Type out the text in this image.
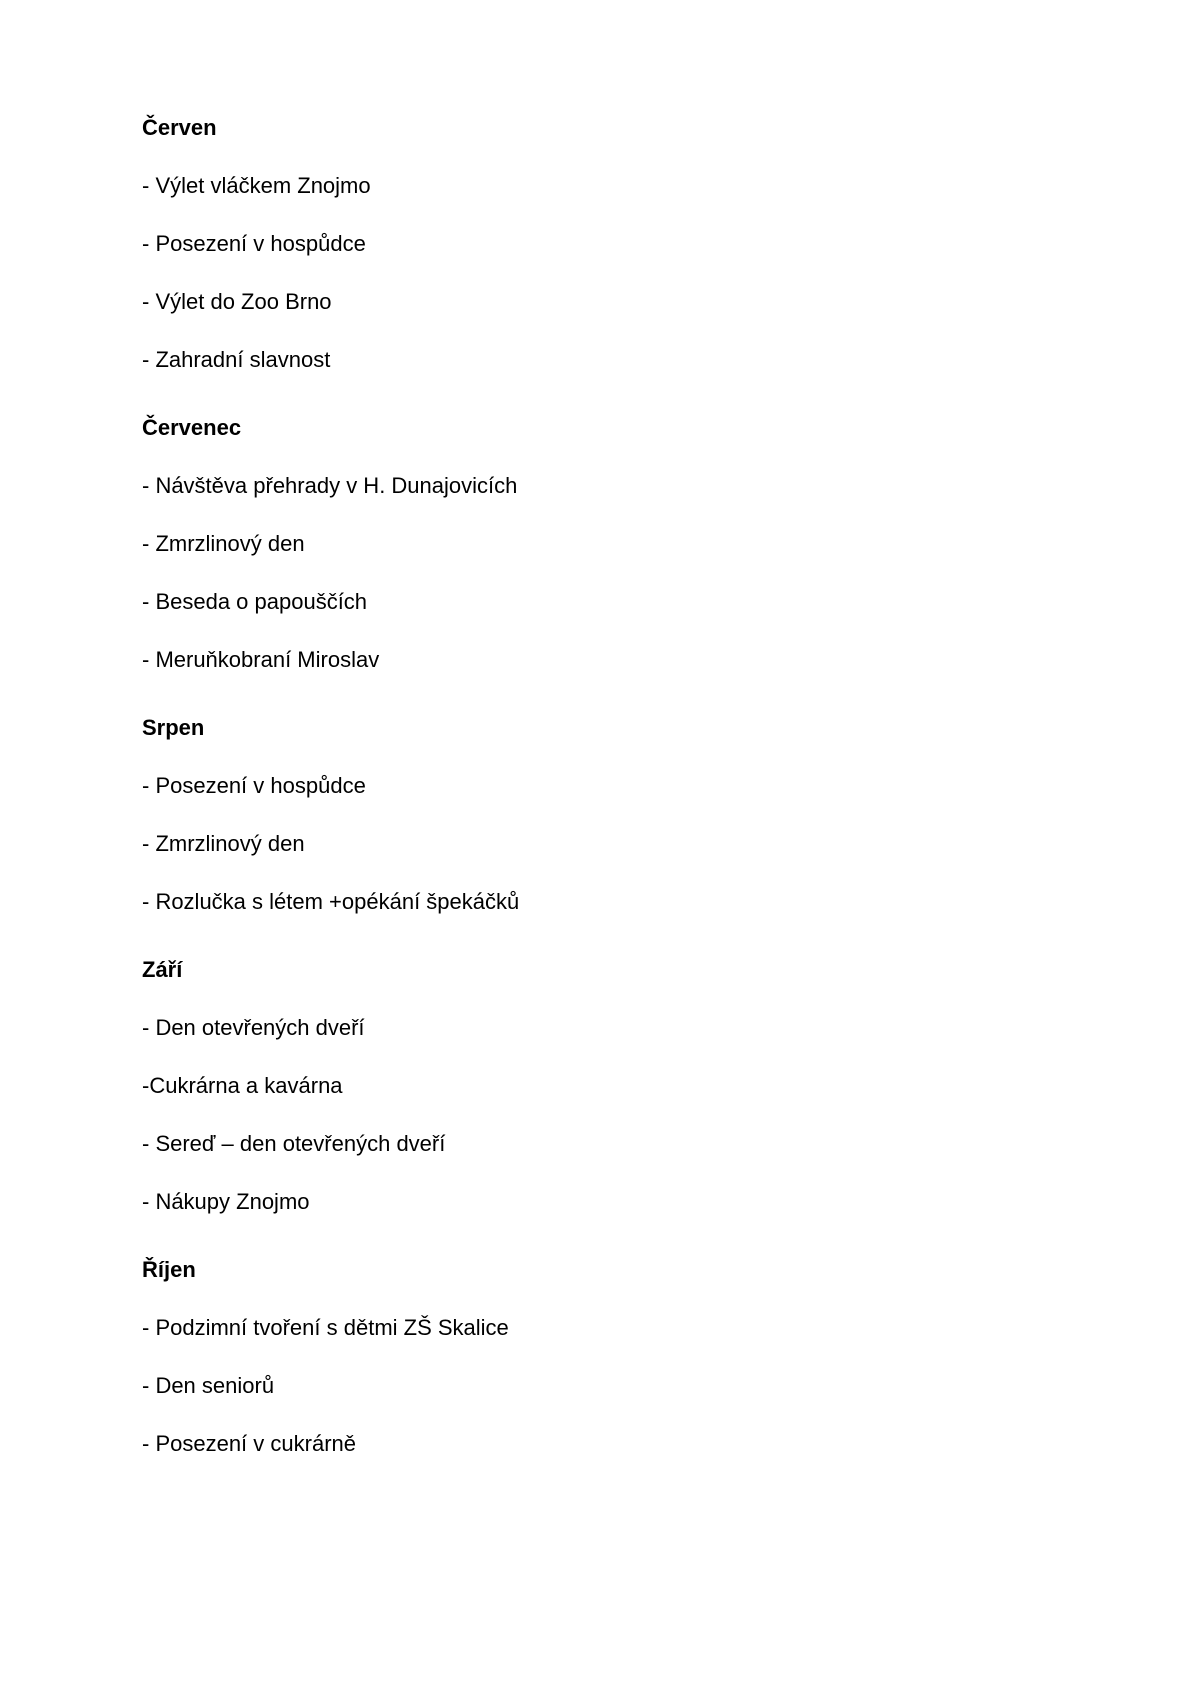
Červen
- Výlet vláčkem Znojmo
- Posezení v hospůdce
- Výlet do Zoo Brno
- Zahradní slavnost
Červenec
- Návštěva přehrady v H. Dunajovicích
- Zmrzlinový den
- Beseda o papouščích
- Meruňkobraní Miroslav
Srpen
- Posezení v hospůdce
- Zmrzlinový den
- Rozlučka s létem +opékání špekáčků
Září
- Den otevřených dveří
-Cukrárna a kavárna
- Sereď – den otevřených dveří
- Nákupy Znojmo
Říjen
- Podzimní tvoření s dětmi ZŠ Skalice
- Den seniorů
- Posezení v cukrárně
